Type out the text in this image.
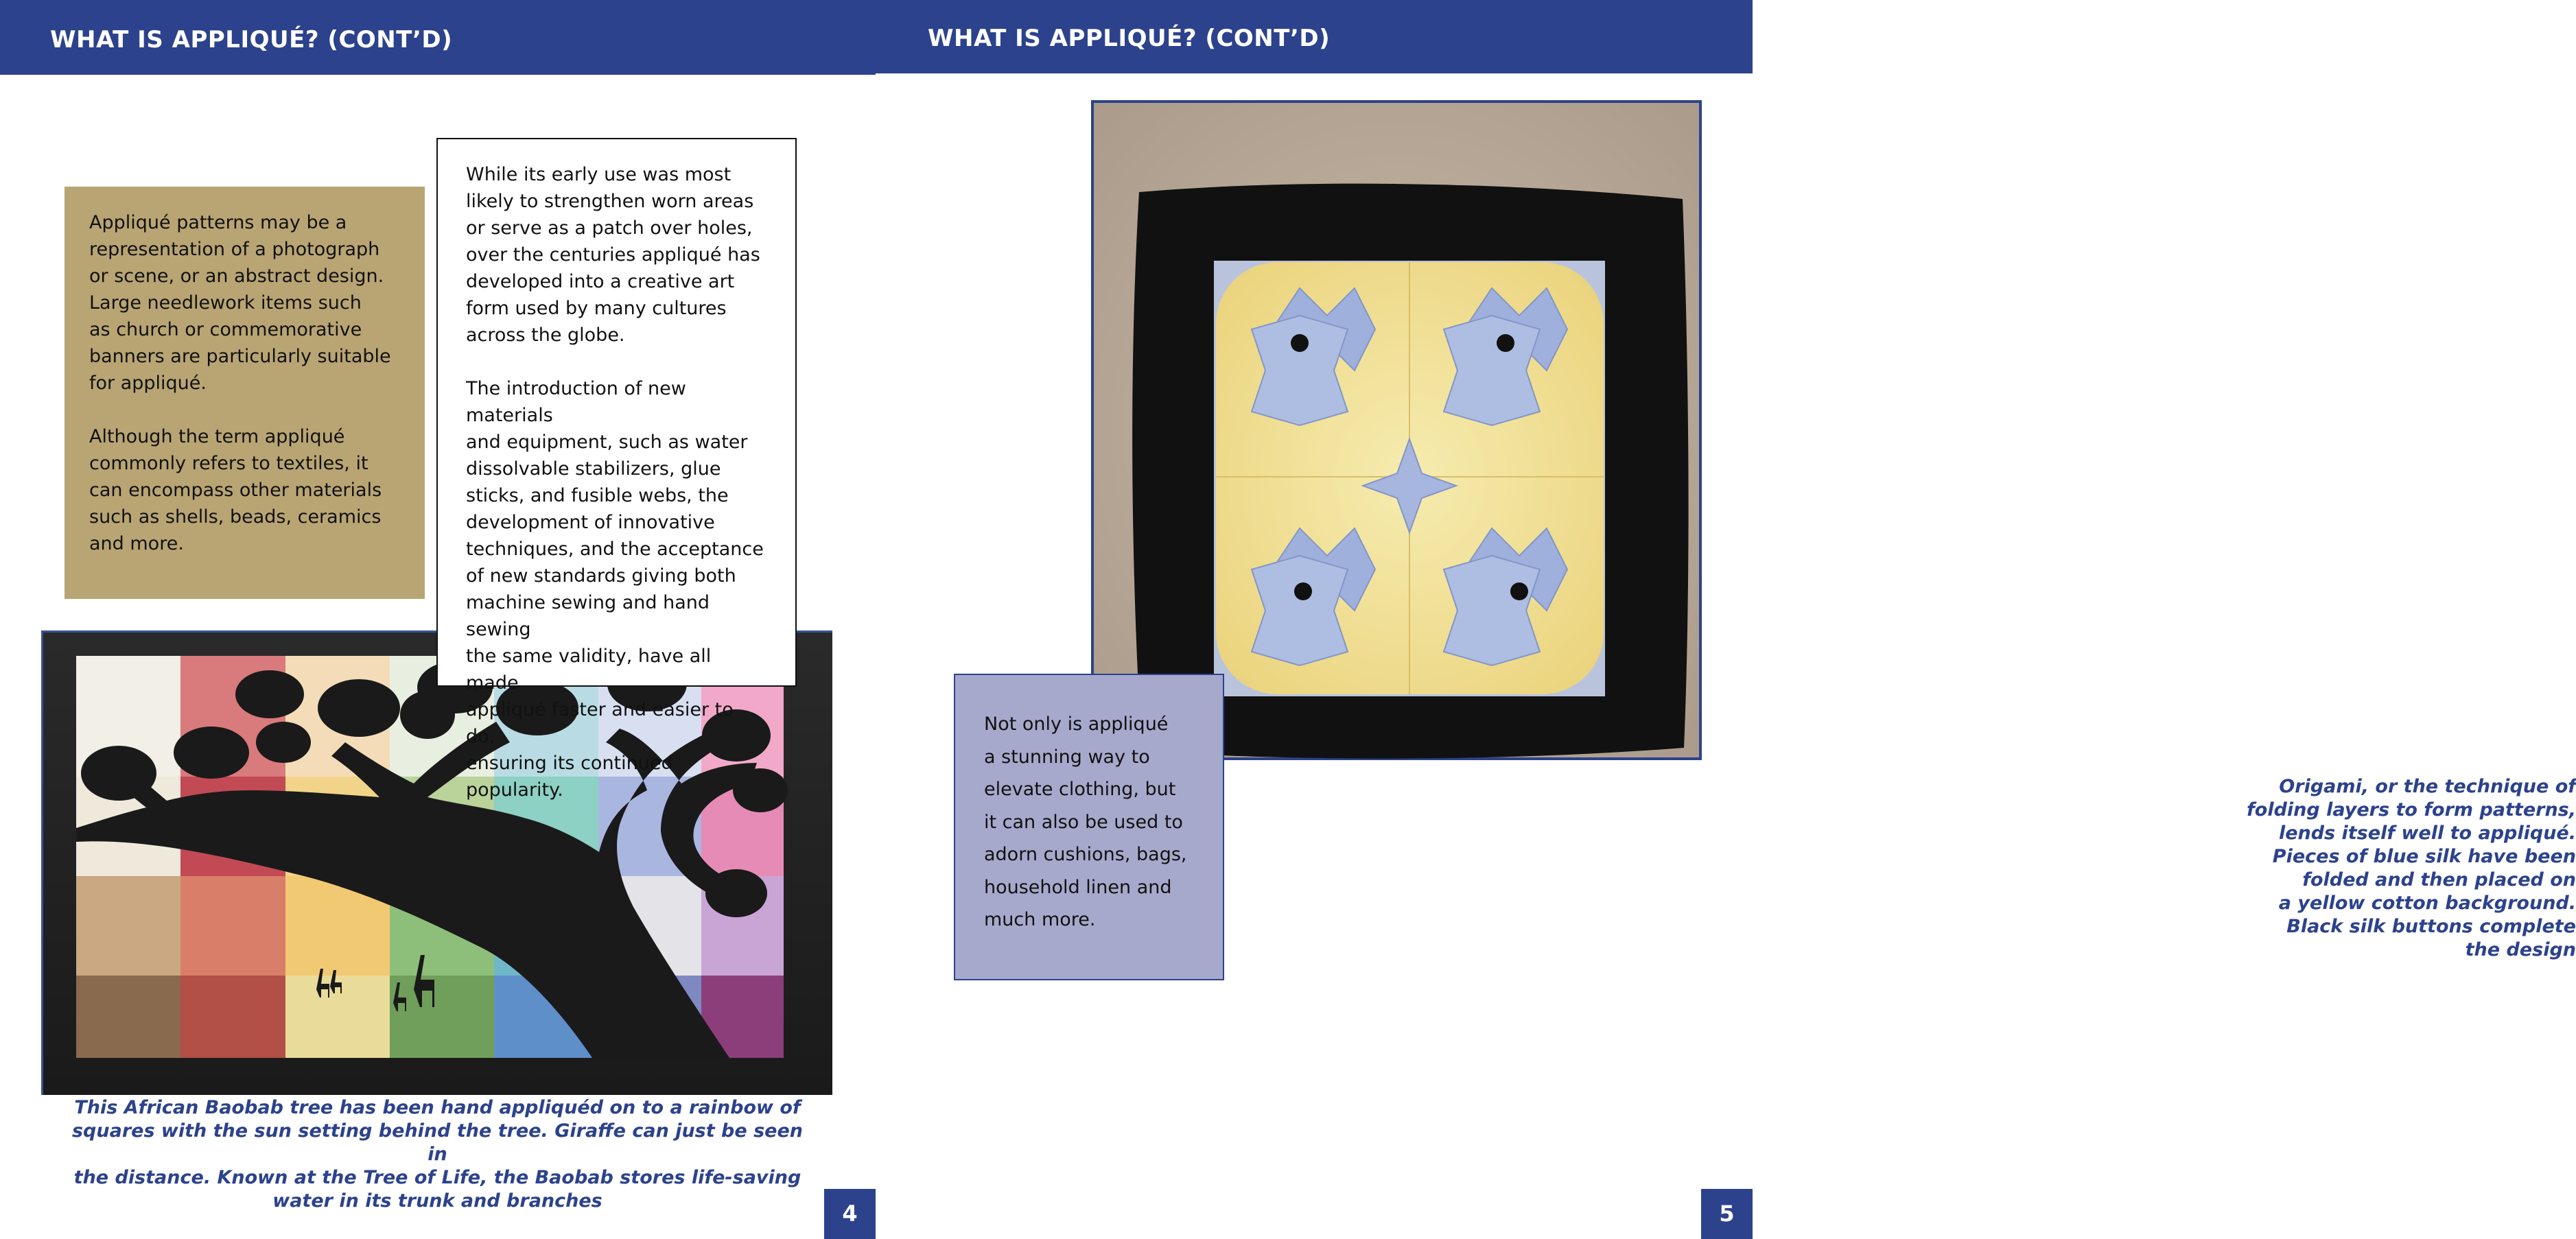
WHAT IS APPLIQUÉ? (CONT’D)
Appliqué patterns may be a
representation of a photograph
or scene, or an abstract design.
Large needlework items such
as church or commemorative
banners are particularly suitable
for appliqué.

Although the term appliqué
commonly refers to textiles, it
can encompass other materials
such as shells, beads, ceramics
and more.
While its early use was most
likely to strengthen worn areas
or serve as a patch over holes,
over the centuries appliqué has
developed into a creative art
form used by many cultures
across the globe.

The introduction of new materials
and equipment, such as water
dissolvable stabilizers, glue
sticks, and fusible webs, the
development of innovative
techniques, and the acceptance
of new standards giving both
machine sewing and hand sewing
the same validity, have all made
appliqué faster and easier to do,
ensuring its continued popularity.
This African Baobab tree has been hand appliquéd on to a rainbow of
squares with the sun setting behind the tree. Giraffe can just be seen in
the distance. Known at the Tree of Life, the Baobab stores life-saving
water in its trunk and branches	4
WHAT IS APPLIQUÉ? (CONT’D)
Not only is appliqué
a stunning way to
elevate clothing, but
it can also be used to
adorn cushions, bags,
household linen and
much more.
Origami, or the technique of
folding layers to form patterns,
lends itself well to appliqué.
Pieces of blue silk have been
folded and then placed on
a yellow cotton background.
Black silk buttons complete
the design
5
